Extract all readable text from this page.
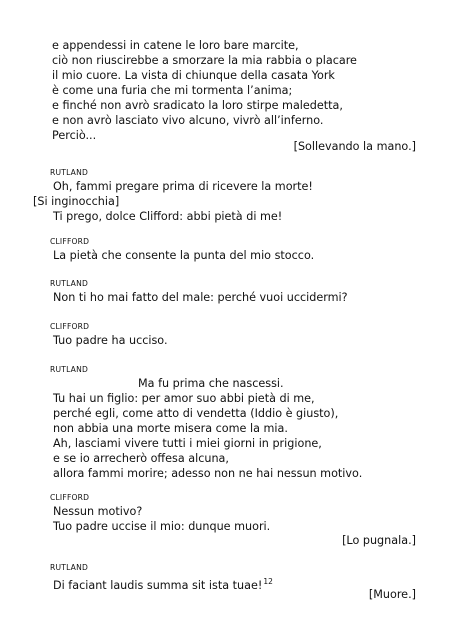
e appendessi in catene le loro bare marcite,
ciò non riuscirebbe a smorzare la mia rabbia o placare
il mio cuore. La vista di chiunque della casata York
è come una furia che mi tormenta l’anima;
e finché non avrò sradicato la loro stirpe maledetta,
e non avrò lasciato vivo alcuno, vivrò all’inferno.
Perciò...
[Sollevando la mano.]
RUTLAND
Oh, fammi pregare prima di ricevere la morte!
[Si inginocchia]
Ti prego, dolce Clifford: abbi pietà di me!
CLIFFORD
La pietà che consente la punta del mio stocco.
RUTLAND
Non ti ho mai fatto del male: perché vuoi uccidermi?
CLIFFORD
Tuo padre ha ucciso.
RUTLAND
Ma fu prima che nascessi.
Tu hai un figlio: per amor suo abbi pietà di me,
perché egli, come atto di vendetta (Iddio è giusto),
non abbia una morte misera come la mia.
Ah, lasciami vivere tutti i miei giorni in prigione,
e se io arrecherò offesa alcuna,
allora fammi morire; adesso non ne hai nessun motivo.
CLIFFORD
Nessun motivo?
Tuo padre uccise il mio: dunque muori.
[Lo pugnala.]
RUTLAND
Di faciant laudis summa sit ista tuae!$^{12}$
[Muore.]
